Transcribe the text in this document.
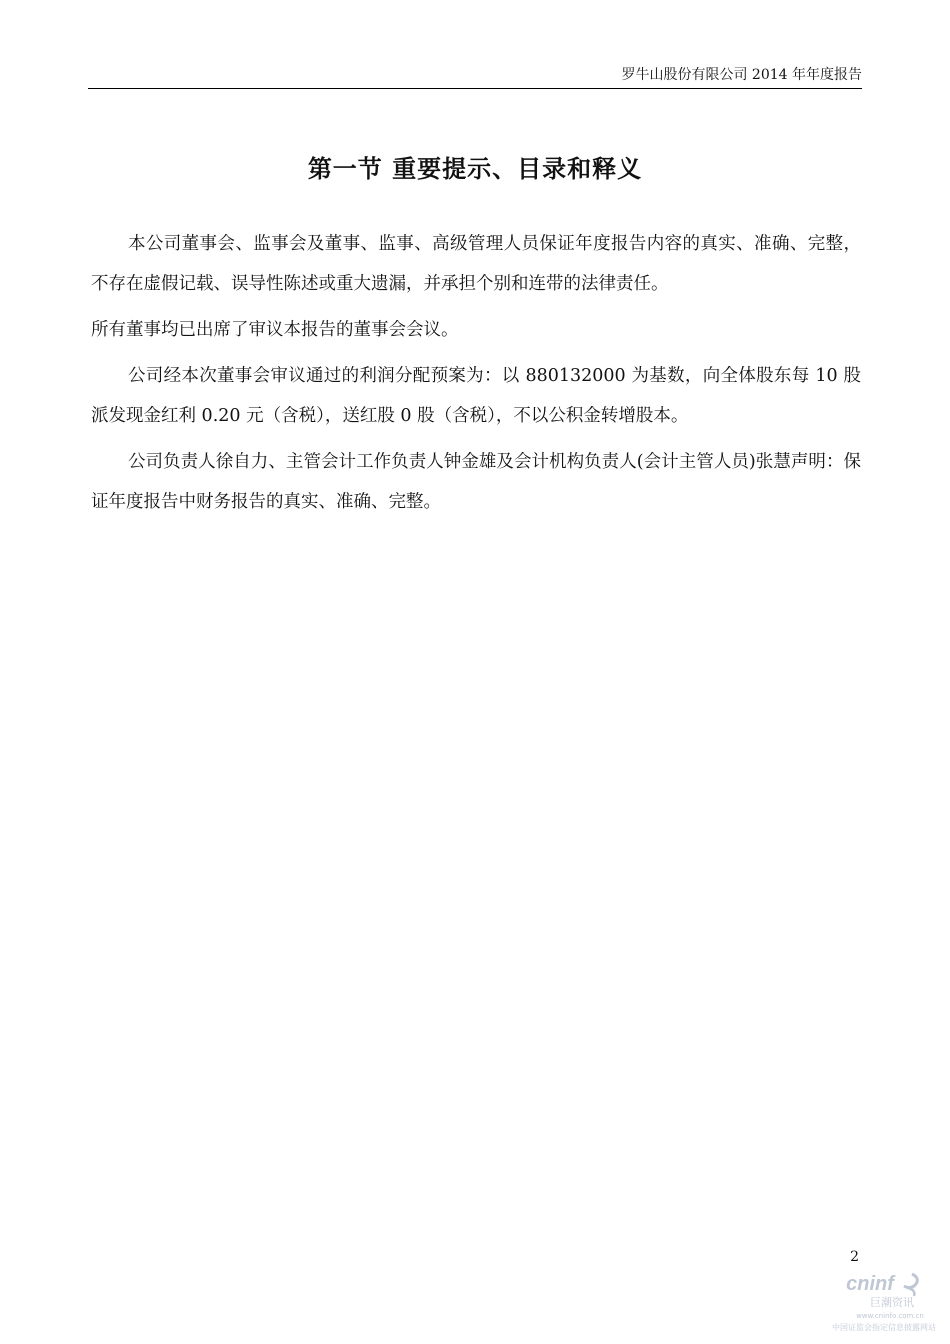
罗牛山股份有限公司 2014 年年度报告
第一节 重要提示、目录和释义

本公司董事会、监事会及董事、监事、高级管理人员保证年度报告内容的真实、准确、完整，不存在虚假记载、误导性陈述或重大遗漏，并承担个别和连带的法律责任。

所有董事均已出席了审议本报告的董事会会议。

公司经本次董事会审议通过的利润分配预案为：以 880132000 为基数，向全体股东每 10 股派发现金红利 0.20 元（含税），送红股 0 股（含税），不以公积金转增股本。

公司负责人徐自力、主管会计工作负责人钟金雄及会计机构负责人(会计主管人员)张慧声明：保证年度报告中财务报告的真实、准确、完整。

2
cninf
巨潮资讯
www.cninfo.com.cn
中国证监会指定信息披露网站
